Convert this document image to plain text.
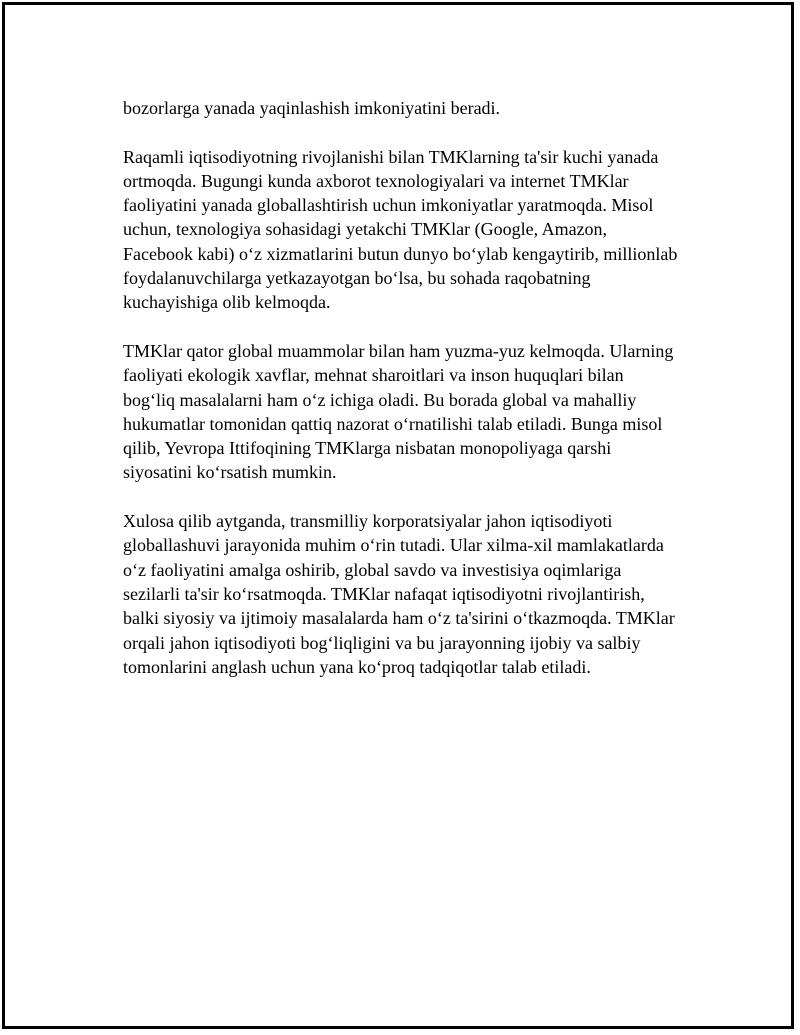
bozorlarga yanada yaqinlashish imkoniyatini beradi.

Raqamli iqtisodiyotning rivojlanishi bilan TMKlarning ta'sir kuchi yanada
ortmoqda. Bugungi kunda axborot texnologiyalari va internet TMKlar
faoliyatini yanada globallashtirish uchun imkoniyatlar yaratmoqda. Misol
uchun, texnologiya sohasidagi yetakchi TMKlar (Google, Amazon,
Facebook kabi) o‘z xizmatlarini butun dunyo bo‘ylab kengaytirib, millionlab
foydalanuvchilarga yetkazayotgan bo‘lsa, bu sohada raqobatning
kuchayishiga olib kelmoqda.

TMKlar qator global muammolar bilan ham yuzma-yuz kelmoqda. Ularning
faoliyati ekologik xavflar, mehnat sharoitlari va inson huquqlari bilan
bog‘liq masalalarni ham o‘z ichiga oladi. Bu borada global va mahalliy
hukumatlar tomonidan qattiq nazorat o‘rnatilishi talab etiladi. Bunga misol
qilib, Yevropa Ittifoqining TMKlarga nisbatan monopoliyaga qarshi
siyosatini ko‘rsatish mumkin.

Xulosa qilib aytganda, transmilliy korporatsiyalar jahon iqtisodiyoti
globallashuvi jarayonida muhim o‘rin tutadi. Ular xilma-xil mamlakatlarda
o‘z faoliyatini amalga oshirib, global savdo va investisiya oqimlariga
sezilarli ta'sir ko‘rsatmoqda. TMKlar nafaqat iqtisodiyotni rivojlantirish,
balki siyosiy va ijtimoiy masalalarda ham o‘z ta'sirini o‘tkazmoqda. TMKlar
orqali jahon iqtisodiyoti bog‘liqligini va bu jarayonning ijobiy va salbiy
tomonlarini anglash uchun yana ko‘proq tadqiqotlar talab etiladi.
